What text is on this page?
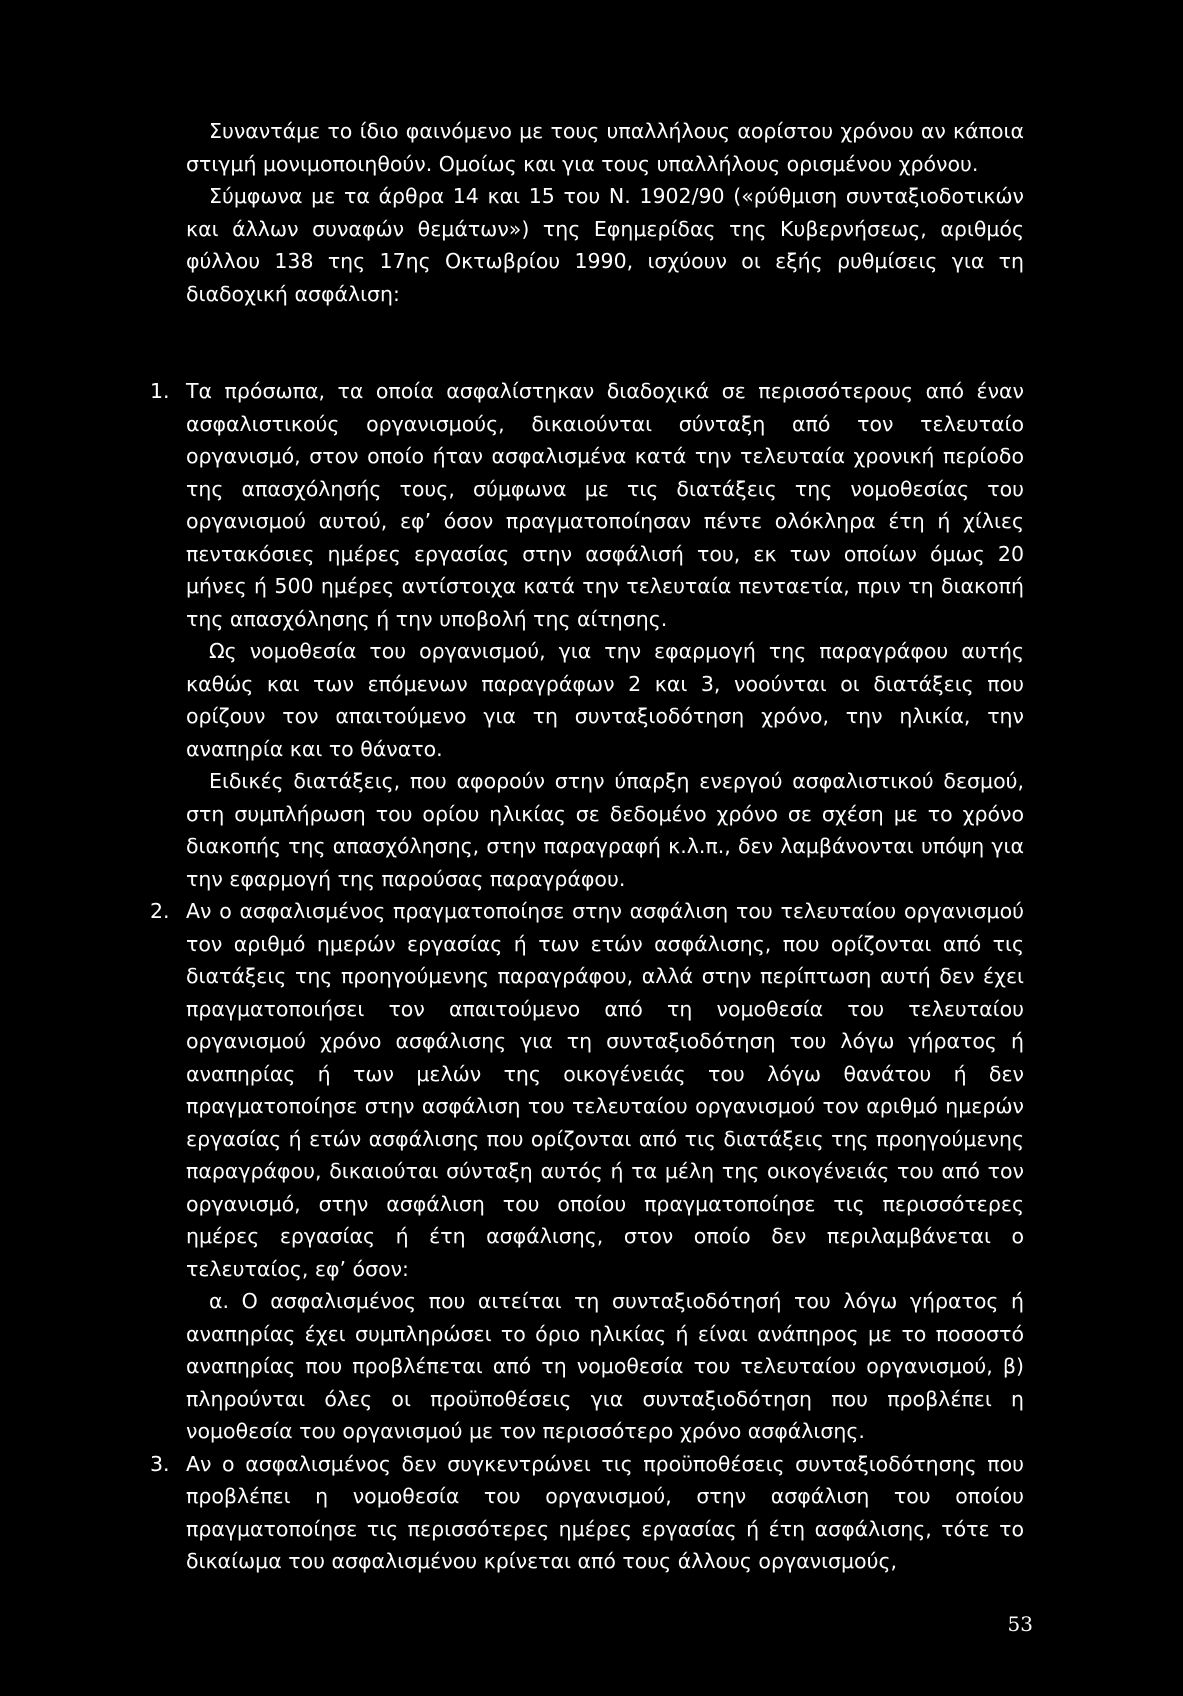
Συναντάμε το ίδιο φαινόμενο με τους υπαλλήλους αορίστου χρόνου αν κάποια στιγμή μονιμοποιηθούν. Ομοίως και για τους υπαλλήλους ορισμένου χρόνου.

Σύμφωνα με τα άρθρα 14 και 15 του Ν. 1902/90 («ρύθμιση συνταξιοδοτικών και άλλων συναφών θεμάτων») της Εφημερίδας της Κυβερνήσεως, αριθμός φύλλου 138 της 17ης Οκτωβρίου 1990, ισχύουν οι εξής ρυθμίσεις για τη διαδοχική ασφάλιση:

1. Τα πρόσωπα, τα οποία ασφαλίστηκαν διαδοχικά σε περισσότερους από έναν ασφαλιστικούς οργανισμούς, δικαιούνται σύνταξη από τον τελευταίο οργανισμό, στον οποίο ήταν ασφαλισμένα κατά την τελευταία χρονική περίοδο της απασχόλησής τους, σύμφωνα με τις διατάξεις της νομοθεσίας του οργανισμού αυτού, εφ’ όσον πραγματοποίησαν πέντε ολόκληρα έτη ή χίλιες πεντακόσιες ημέρες εργασίας στην ασφάλισή του, εκ των οποίων όμως 20 μήνες ή 500 ημέρες αντίστοιχα κατά την τελευταία πενταετία, πριν τη διακοπή της απασχόλησης ή την υποβολή της αίτησης.

Ως νομοθεσία του οργανισμού, για την εφαρμογή της παραγράφου αυτής καθώς και των επόμενων παραγράφων 2 και 3, νοούνται οι διατάξεις που ορίζουν τον απαιτούμενο για τη συνταξιοδότηση χρόνο, την ηλικία, την αναπηρία και το θάνατο.

Ειδικές διατάξεις, που αφορούν στην ύπαρξη ενεργού ασφαλιστικού δεσμού, στη συμπλήρωση του ορίου ηλικίας σε δεδομένο χρόνο σε σχέση με το χρόνο διακοπής της απασχόλησης, στην παραγραφή κ.λ.π., δεν λαμβάνονται υπόψη για την εφαρμογή της παρούσας παραγράφου.

2. Αν ο ασφαλισμένος πραγματοποίησε στην ασφάλιση του τελευταίου οργανισμού τον αριθμό ημερών εργασίας ή των ετών ασφάλισης, που ορίζονται από τις διατάξεις της προηγούμενης παραγράφου, αλλά στην περίπτωση αυτή δεν έχει πραγματοποιήσει τον απαιτούμενο από τη νομοθεσία του τελευταίου οργανισμού χρόνο ασφάλισης για τη συνταξιοδότηση του λόγω γήρατος ή αναπηρίας ή των μελών της οικογένειάς του λόγω θανάτου ή δεν πραγματοποίησε στην ασφάλιση του τελευταίου οργανισμού τον αριθμό ημερών εργασίας ή ετών ασφάλισης που ορίζονται από τις διατάξεις της προηγούμενης παραγράφου, δικαιούται σύνταξη αυτός ή τα μέλη της οικογένειάς του από τον οργανισμό, στην ασφάλιση του οποίου πραγματοποίησε τις περισσότερες ημέρες εργασίας ή έτη ασφάλισης, στον οποίο δεν περιλαμβάνεται ο τελευταίος, εφ’ όσον:

α. Ο ασφαλισμένος που αιτείται τη συνταξιοδότησή του λόγω γήρατος ή αναπηρίας έχει συμπληρώσει το όριο ηλικίας ή είναι ανάπηρος με το ποσοστό αναπηρίας που προβλέπεται από τη νομοθεσία του τελευταίου οργανισμού, β) πληρούνται όλες οι προϋποθέσεις για συνταξιοδότηση που προβλέπει η νομοθεσία του οργανισμού με τον περισσότερο χρόνο ασφάλισης.

3. Αν ο ασφαλισμένος δεν συγκεντρώνει τις προϋποθέσεις συνταξιοδότησης που προβλέπει η νομοθεσία του οργανισμού, στην ασφάλιση του οποίου πραγματοποίησε τις περισσότερες ημέρες εργασίας ή έτη ασφάλισης, τότε το δικαίωμα του ασφαλισμένου κρίνεται από τους άλλους οργανισμούς,

53
